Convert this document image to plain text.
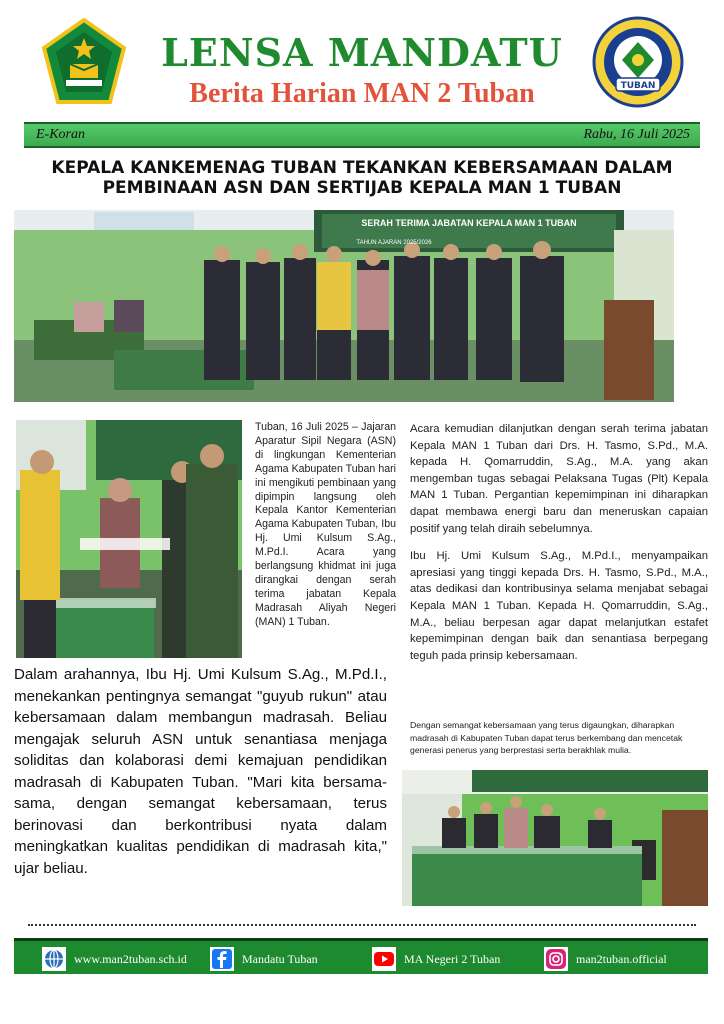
LENSA MANDATU
Berita Harian MAN 2 Tuban	TUBAN
E-Koran	Rabu, 16 Juli 2025
KEPALA KANKEMENAG TUBAN TEKANKAN KEBERSAMAAN DALAM PEMBINAAN ASN DAN SERTIJAB KEPALA MAN 1 TUBAN
SERAH TERIMA JABATAN KEPALA MAN 1 TUBAN
TAHUN AJARAN 2025/2026
Tuban, 16 Juli 2025 – Jajaran Aparatur Sipil Negara (ASN) di lingkungan Kementerian Agama Kabupaten Tuban hari ini mengikuti pembinaan yang dipimpin langsung oleh Kepala Kantor Kementerian Agama Kabupaten Tuban, Ibu Hj. Umi Kulsum S.Ag., M.Pd.I. Acara yang berlangsung khidmat ini juga dirangkai dengan serah terima jabatan Kepala Madrasah Aliyah Negeri (MAN) 1 Tuban.
Dalam arahannya, Ibu Hj. Umi Kulsum S.Ag., M.Pd.I., menekankan pentingnya semangat "guyub rukun" atau kebersamaan dalam membangun madrasah. Beliau mengajak seluruh ASN untuk senantiasa menjaga soliditas dan kolaborasi demi kemajuan pendidikan madrasah di Kabupaten Tuban. "Mari kita bersama-sama, dengan semangat kebersamaan, terus berinovasi dan berkontribusi nyata dalam meningkatkan kualitas pendidikan di madrasah kita," ujar beliau.

Acara kemudian dilanjutkan dengan serah terima jabatan Kepala MAN 1 Tuban dari Drs. H. Tasmo, S.Pd., M.A. kepada H. Qomarruddin, S.Ag., M.A. yang akan mengemban tugas sebagai Pelaksana Tugas (Plt) Kepala MAN 1 Tuban. Pergantian kepemimpinan ini diharapkan dapat membawa energi baru dan meneruskan capaian positif yang telah diraih sebelumnya.

Ibu Hj. Umi Kulsum S.Ag., M.Pd.I., menyampaikan apresiasi yang tinggi kepada Drs. H. Tasmo, S.Pd., M.A., atas dedikasi dan kontribusinya selama menjabat sebagai Kepala MAN 1 Tuban. Kepada H. Qomarruddin, S.Ag., M.A., beliau berpesan agar dapat melanjutkan estafet kepemimpinan dengan baik dan senantiasa berpegang teguh pada prinsip kebersamaan.

Dengan semangat kebersamaan yang terus digaungkan, diharapkan madrasah di Kabupaten Tuban dapat terus berkembang dan mencetak generasi penerus yang berprestasi serta berakhlak mulia.
www.man2tuban.sch.id	Mandatu Tuban	MA Negeri 2 Tuban	man2tuban.official
